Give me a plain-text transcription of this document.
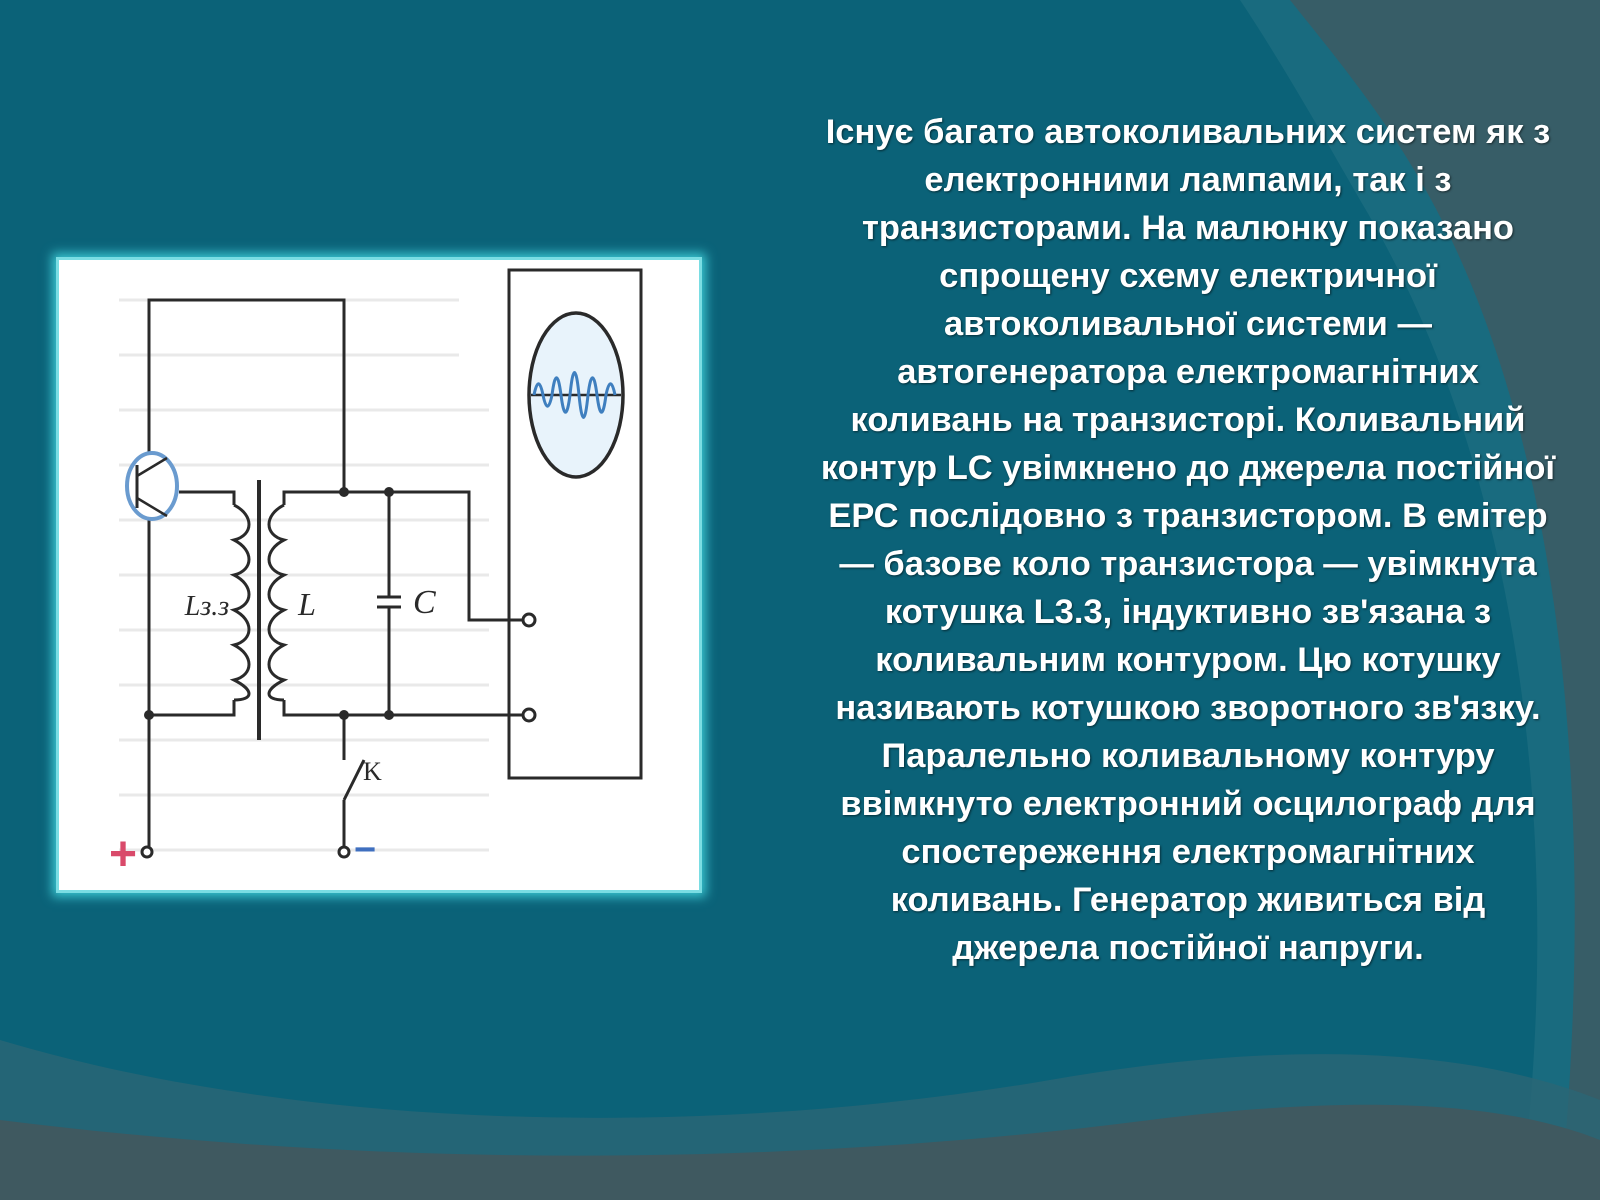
Lз.з L	C
K
+	−

Існує багато автоколивальних систем як з електронними лампами, так і з транзисторами. На малюнку показано спрощену схему електричної автоколивальної системи — автогенератора електромагнітних коливань на транзисторі. Коливальний контур LC увімкнено до джерела постійної ЕРС послідовно з транзистором. В емітер — базове коло транзистора — увімкнута котушка L3.3, індуктивно зв'язана з коливальним контуром. Цю котушку називають котушкою зворотного зв'язку. Паралельно коливальному контуру ввімкнуто електронний осцилограф для спостереження електромагнітних коливань. Генератор живиться від джерела постійної напруги.
